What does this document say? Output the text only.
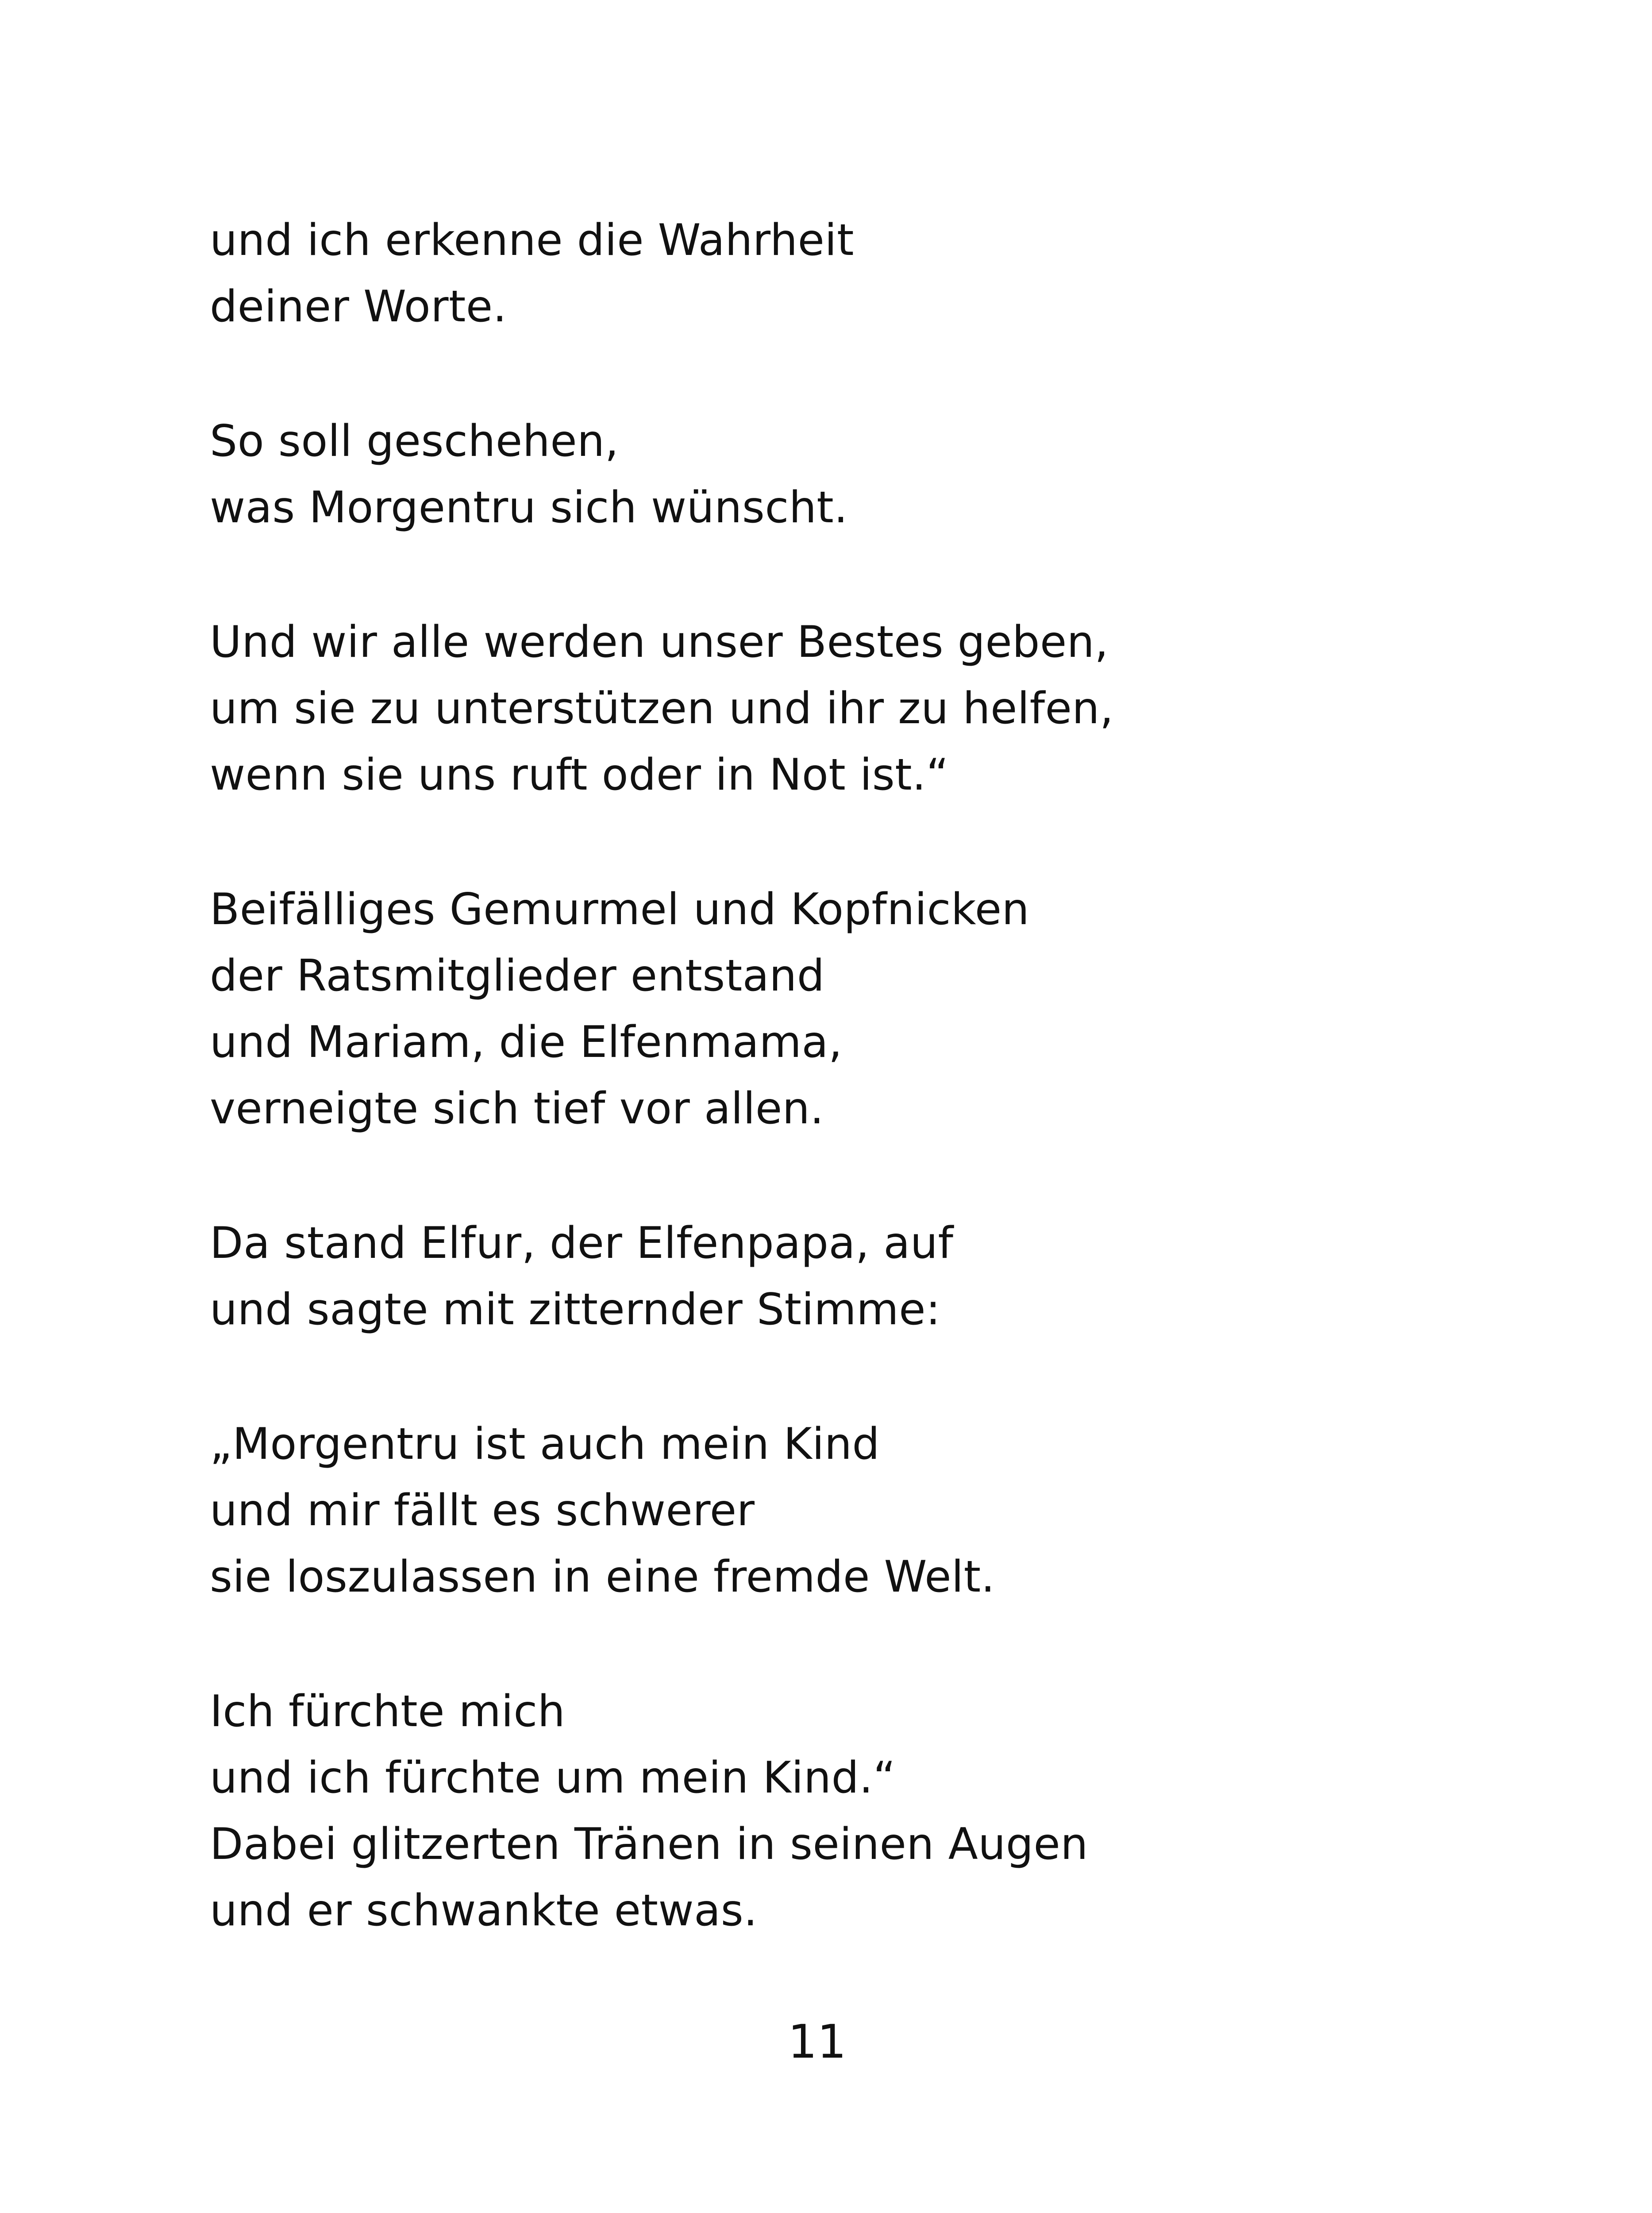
und ich erkenne die Wahrheit
deiner Worte.
So soll geschehen,
was Morgentru sich wünscht.
Und wir alle werden unser Bestes geben,
um sie zu unterstützen und ihr zu helfen,
wenn sie uns ruft oder in Not ist.“
Beifälliges Gemurmel und Kopfnicken
der Ratsmitglieder entstand
und Mariam, die Elfenmama,
verneigte sich tief vor allen.
Da stand Elfur, der Elfenpapa, auf
und sagte mit zitternder Stimme:
„Morgentru ist auch mein Kind
und mir fällt es schwerer
sie loszulassen in eine fremde Welt.
Ich fürchte mich
und ich fürchte um mein Kind.“
Dabei glitzerten Tränen in seinen Augen
und er schwankte etwas.
11
